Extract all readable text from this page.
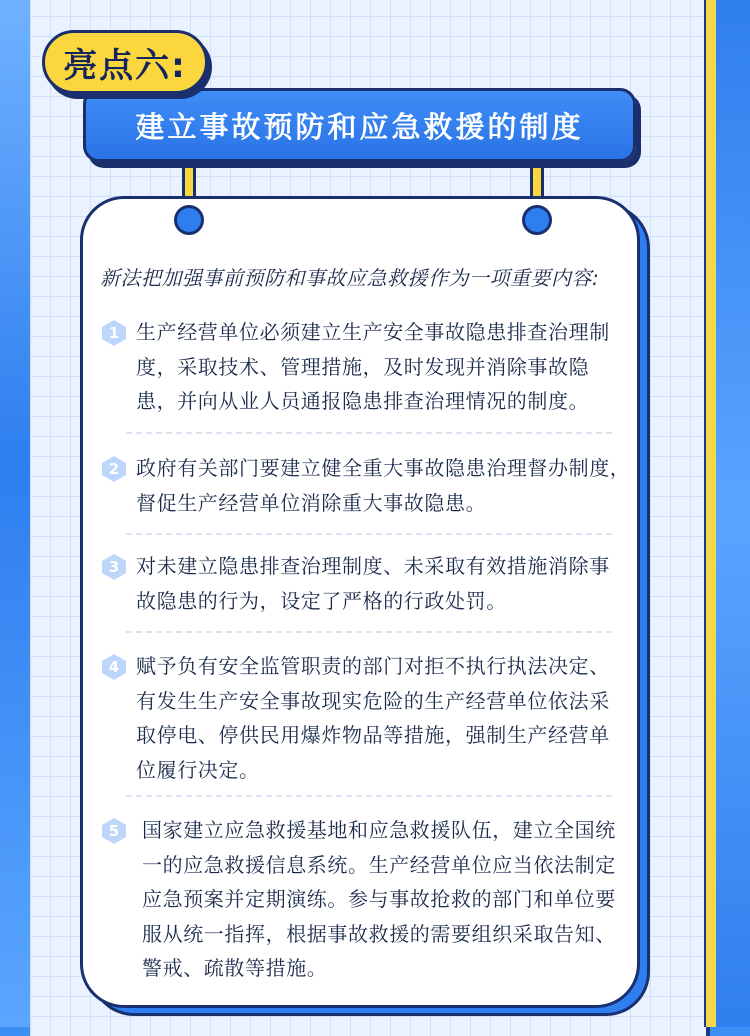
亮点六:
建立事故预防和应急救援的制度
新法把加强事前预防和事故应急救援作为一项重要内容:
1 生产经营单位必须建立生产安全事故隐患排查治理制
度，采取技术、管理措施，及时发现并消除事故隐
患，并向从业人员通报隐患排查治理情况的制度。
2 政府有关部门要建立健全重大事故隐患治理督办制度，
督促生产经营单位消除重大事故隐患。
3 对未建立隐患排查治理制度、未采取有效措施消除事
故隐患的行为，设定了严格的行政处罚。
4 赋予负有安全监管职责的部门对拒不执行执法决定、
有发生生产安全事故现实危险的生产经营单位依法采
取停电、停供民用爆炸物品等措施，强制生产经营单
位履行决定。
5	国家建立应急救援基地和应急救援队伍，建立全国统
一的应急救援信息系统。生产经营单位应当依法制定
应急预案并定期演练。参与事故抢救的部门和单位要
服从统一指挥，根据事故救援的需要组织采取告知、
警戒、疏散等措施。
